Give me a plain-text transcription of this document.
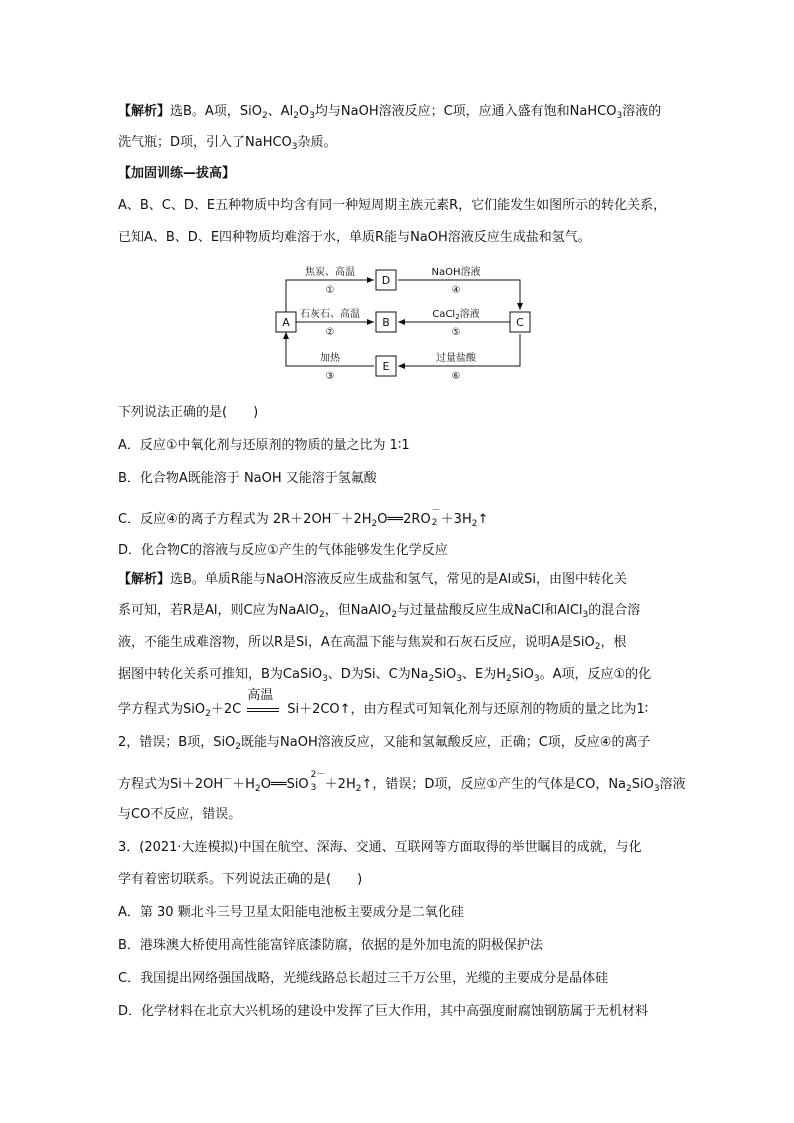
【解析】选B。A项，SiO$_2$、$Al_2O_3$均与NaOH溶液反应；C项，应通入盛有饱和NaHCO$_3$溶液的
洗气瓶；D项，引入了NaHCO$_3$杂质。
【加固训练—拔高】
A、B、C、D、E五种物质中均含有同一种短周期主族元素R，它们能发生如图所示的转化关系，
已知A、B、D、E四种物质均难溶于水，单质R能与NaOH溶液反应生成盐和氢气。
A
D
B	C
E
焦炭、高温
①
石灰石、高温
②
加热
③
NaOH溶液
④
CaCl$_2$溶液
⑤
过量盐酸
⑥
下列说法正确的是(　　)
A．反应①中氧化剂与还原剂的物质的量之比为 1∶1
B．化合物A既能溶于 NaOH 又能溶于氢氟酸
C．反应④的离子方程式为 $2R+2OH^-+2H_2O══2RO$
－
$2 +3H_2↑$
D．化合物C的溶液与反应①产生的气体能够发生化学反应
【解析】选B。单质R能与NaOH溶液反应生成盐和氢气，常见的是Al或Si，由图中转化关
系可知，若R是Al，则C应为NaAlO$_2$，但NaAlO$_2$与过量盐酸反应生成NaCl和AlCl$_3$的混合溶
液，不能生成难溶物，所以R是Si，A在高温下能与焦炭和石灰石反应，说明A是SiO$_2$，根
据图中转化关系可推知，B为CaSiO$_3$、D为Si、C为$Na_2SiO_3$、E为$H_2SiO_3$。A项，反应①的化
学方程式为SiO$_2$＋2C
高温
Si＋2CO↑，由方程式可知氧化剂与还原剂的物质的量之比为1∶
2，错误；B项，SiO$_2$既能与NaOH溶液反应，又能和氢氟酸反应，正确；C项，反应④的离子
方程式为$Si+2OH^-+H_2O══SiO$
2－
$3 +2H_2↑$，错误；D项，反应①产生的气体是CO，$Na_2SiO_3$溶液
与CO不反应，错误。
3．(2021·大连模拟)中国在航空、深海、交通、互联网等方面取得的举世瞩目的成就，与化
学有着密切联系。下列说法正确的是(　　)
A．第 30 颗北斗三号卫星太阳能电池板主要成分是二氧化硅
B．港珠澳大桥使用高性能富锌底漆防腐，依据的是外加电流的阴极保护法
C．我国提出网络强国战略，光缆线路总长超过三千万公里，光缆的主要成分是晶体硅
D．化学材料在北京大兴机场的建设中发挥了巨大作用，其中高强度耐腐蚀钢筋属于无机材料
